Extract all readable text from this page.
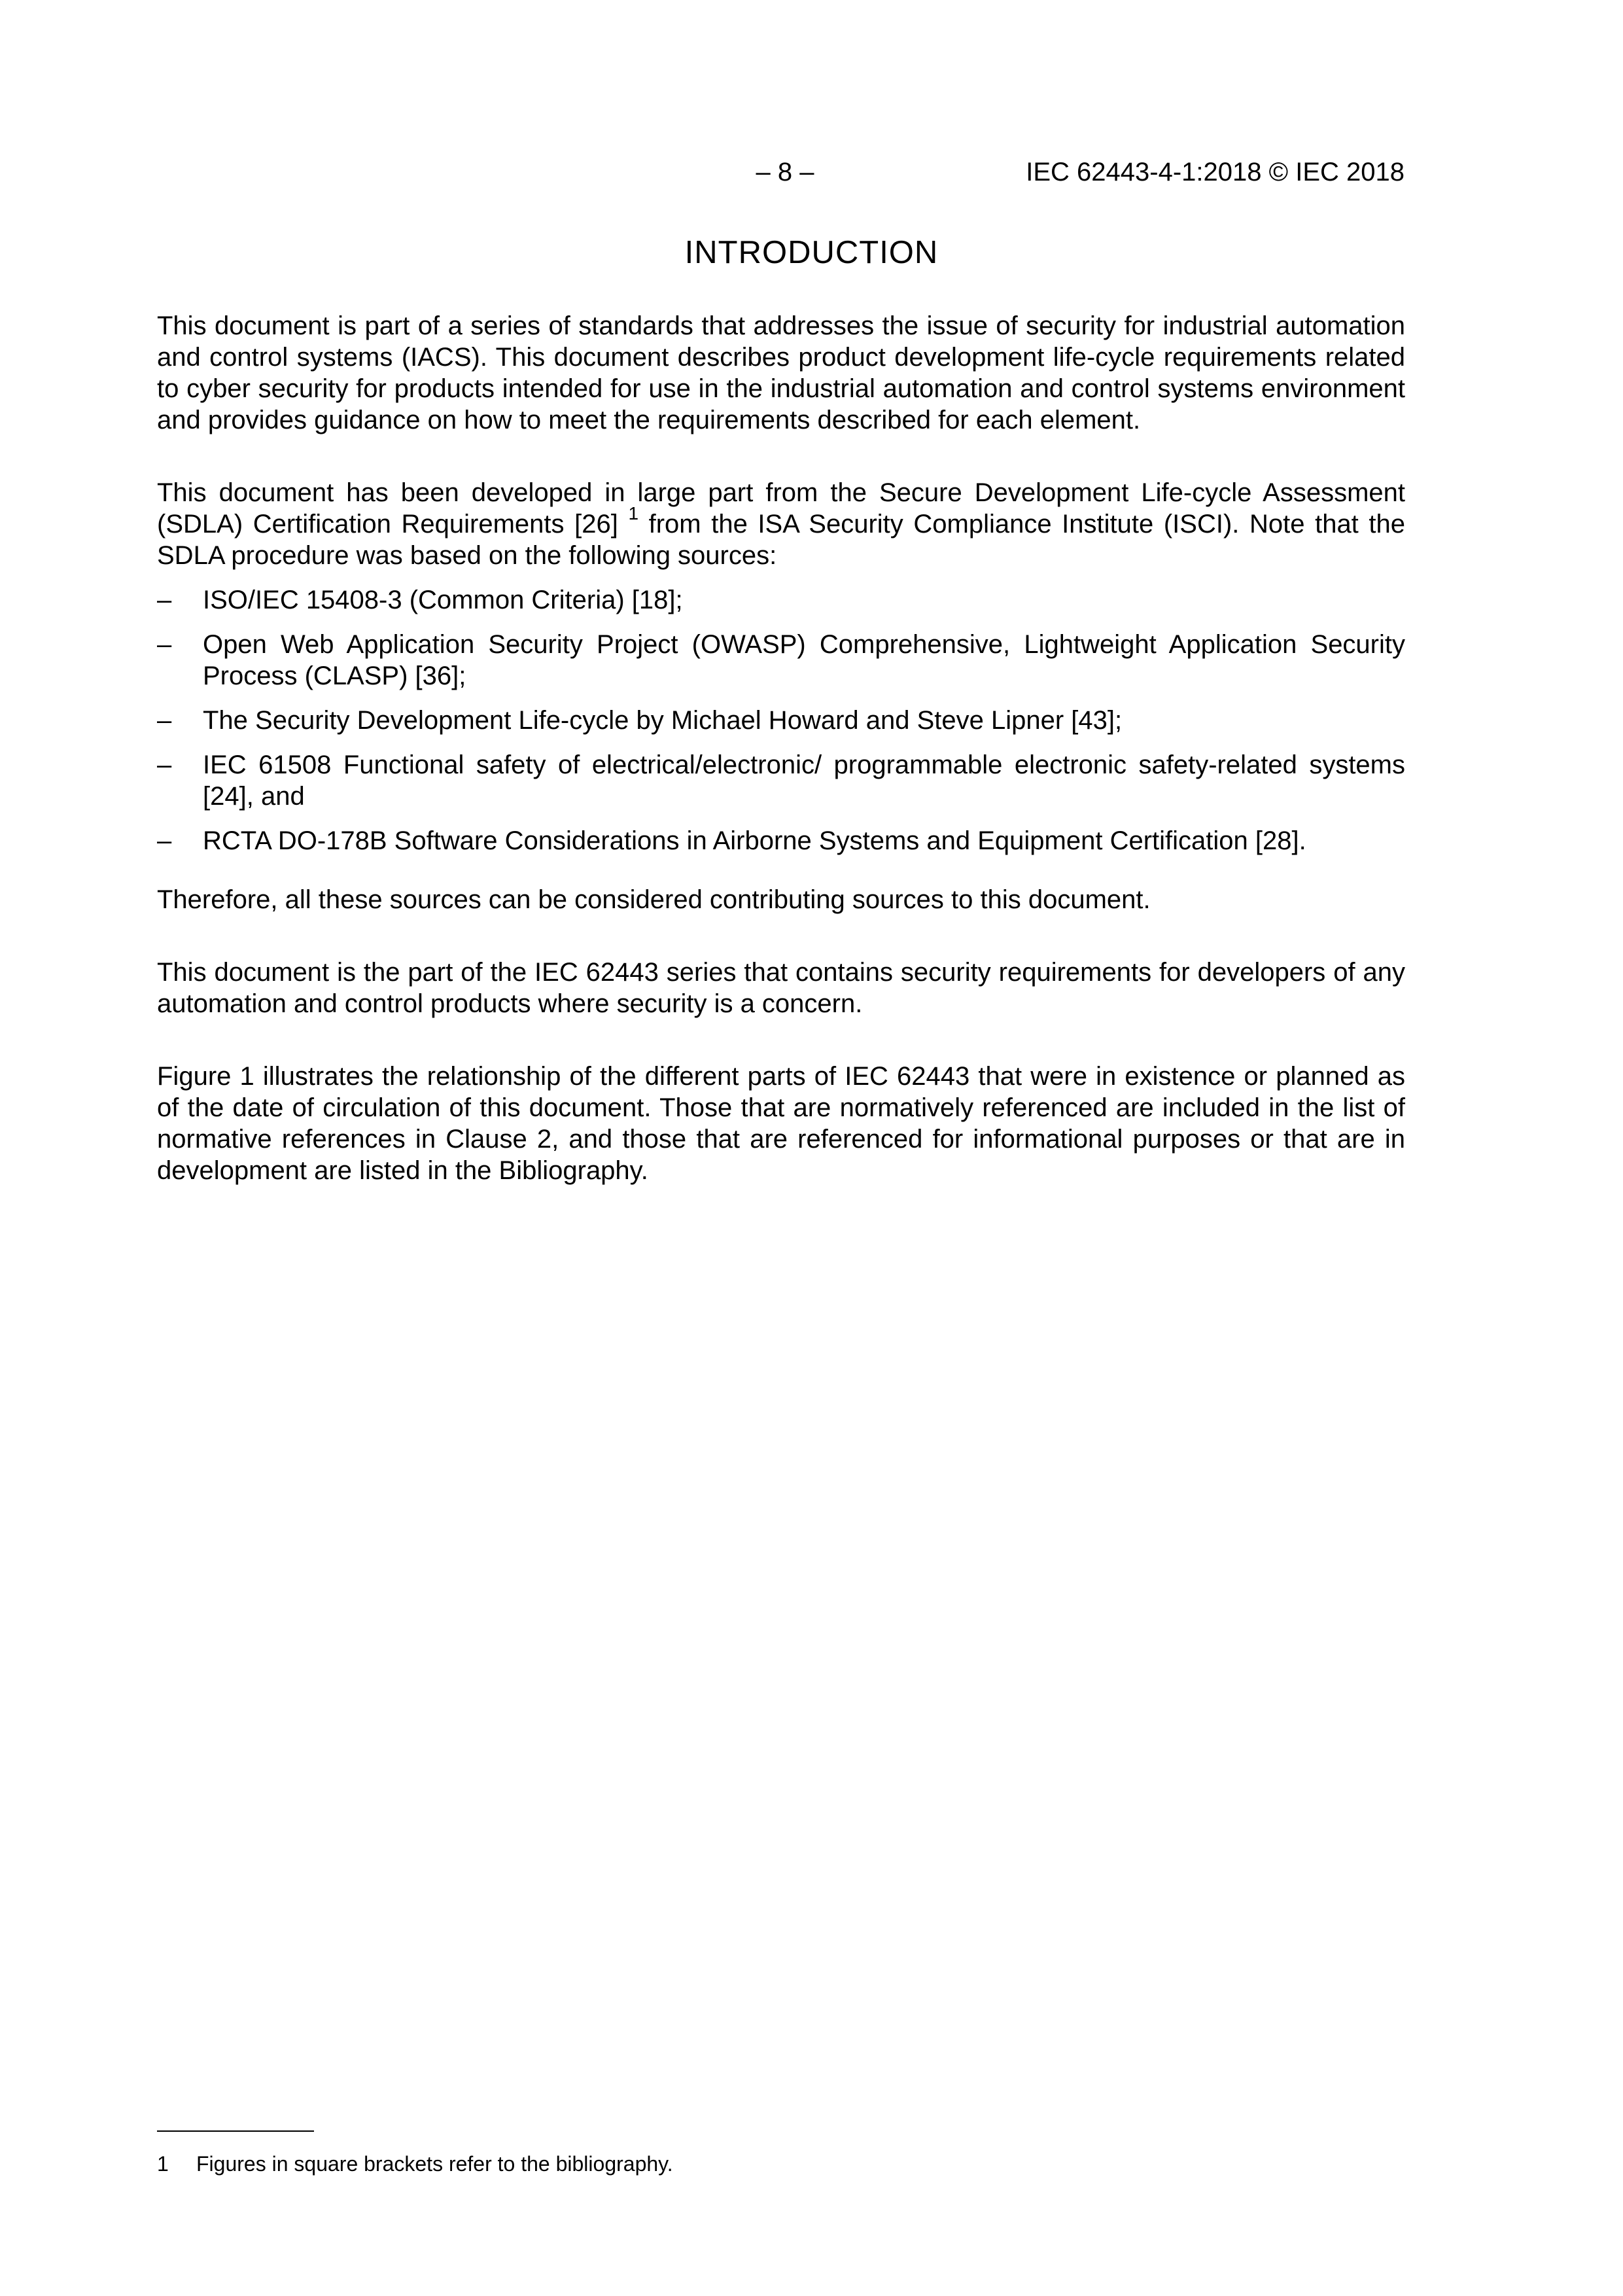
– 8 –	IEC 62443-4-1:2018 © IEC 2018
INTRODUCTION

This document is part of a series of standards that addresses the issue of security for industrial automation and control systems (IACS). This document describes product development life-cycle requirements related to cyber security for products intended for use in the industrial automation and control systems environment and provides guidance on how to meet the requirements described for each element.

This document has been developed in large part from the Secure Development Life-cycle Assessment (SDLA) Certification Requirements [26] $^1$ from the ISA Security Compliance Institute (ISCI). Note that the SDLA procedure was based on the following sources:

– ISO/IEC 15408-3 (Common Criteria) [18];
– Open Web Application Security Project (OWASP) Comprehensive, Lightweight Application Security Process (CLASP) [36];
– The Security Development Life-cycle by Michael Howard and Steve Lipner [43];
– IEC 61508 Functional safety of electrical/electronic/ programmable electronic safety-related systems [24], and
– RCTA DO-178B Software Considerations in Airborne Systems and Equipment Certification [28].

Therefore, all these sources can be considered contributing sources to this document.

This document is the part of the IEC 62443 series that contains security requirements for developers of any automation and control products where security is a concern.

Figure 1 illustrates the relationship of the different parts of IEC 62443 that were in existence or planned as of the date of circulation of this document. Those that are normatively referenced are included in the list of normative references in Clause 2, and those that are referenced for informational purposes or that are in development are listed in the Bibliography.

1 Figures in square brackets refer to the bibliography.
